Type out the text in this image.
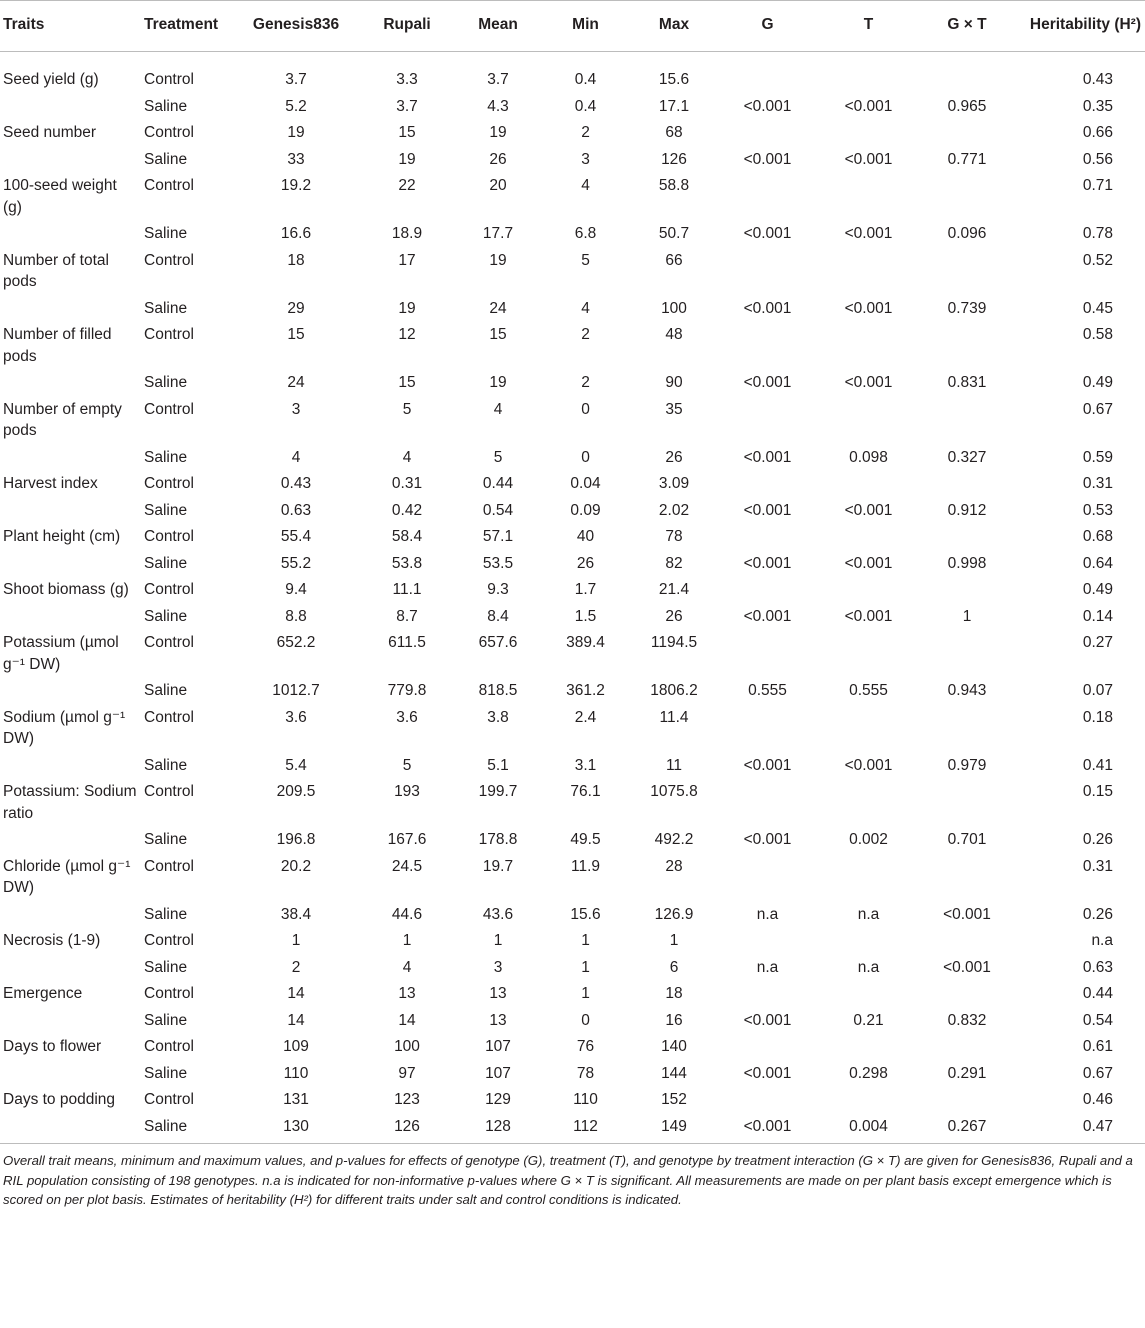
Traits	Treatment	Genesis836	Rupali	Mean	Min	Max	G	T	G × T	Heritability (H²)
Seed yield (g)	Control	3.7	3.3	3.7	0.4	15.6				0.43
	Saline	5.2	3.7	4.3	0.4	17.1	<0.001	<0.001	0.965	0.35
Seed number	Control	19	15	19	2	68				0.66
	Saline	33	19	26	3	126	<0.001	<0.001	0.771	0.56
100-seed weight (g)	Control	19.2	22	20	4	58.8				0.71
	Saline	16.6	18.9	17.7	6.8	50.7	<0.001	<0.001	0.096	0.78
Number of total pods	Control	18	17	19	5	66				0.52
	Saline	29	19	24	4	100	<0.001	<0.001	0.739	0.45
Number of filled pods	Control	15	12	15	2	48				0.58
	Saline	24	15	19	2	90	<0.001	<0.001	0.831	0.49
Number of empty pods	Control	3	5	4	0	35				0.67
	Saline	4	4	5	0	26	<0.001	0.098	0.327	0.59
Harvest index	Control	0.43	0.31	0.44	0.04	3.09				0.31
	Saline	0.63	0.42	0.54	0.09	2.02	<0.001	<0.001	0.912	0.53
Plant height (cm)	Control	55.4	58.4	57.1	40	78				0.68
	Saline	55.2	53.8	53.5	26	82	<0.001	<0.001	0.998	0.64
Shoot biomass (g)	Control	9.4	11.1	9.3	1.7	21.4				0.49
	Saline	8.8	8.7	8.4	1.5	26	<0.001	<0.001	1	0.14
Potassium (µmol g⁻¹ DW)	Control	652.2	611.5	657.6	389.4	1194.5				0.27
	Saline	1012.7	779.8	818.5	361.2	1806.2	0.555	0.555	0.943	0.07
Sodium (µmol g⁻¹ DW)	Control	3.6	3.6	3.8	2.4	11.4				0.18
	Saline	5.4	5	5.1	3.1	11	<0.001	<0.001	0.979	0.41
Potassium: Sodium ratio	Control	209.5	193	199.7	76.1	1075.8				0.15
	Saline	196.8	167.6	178.8	49.5	492.2	<0.001	0.002	0.701	0.26
Chloride (µmol g⁻¹ DW)	Control	20.2	24.5	19.7	11.9	28				0.31
	Saline	38.4	44.6	43.6	15.6	126.9	n.a	n.a	<0.001	0.26
Necrosis (1-9)	Control	1	1	1	1	1				n.a
	Saline	2	4	3	1	6	n.a	n.a	<0.001	0.63
Emergence	Control	14	13	13	1	18				0.44
	Saline	14	14	13	0	16	<0.001	0.21	0.832	0.54
Days to flower	Control	109	100	107	76	140				0.61
	Saline	110	97	107	78	144	<0.001	0.298	0.291	0.67
Days to podding	Control	131	123	129	110	152				0.46
	Saline	130	126	128	112	149	<0.001	0.004	0.267	0.47

Overall trait means, minimum and maximum values, and p-values for effects of genotype (G), treatment (T), and genotype by treatment interaction (G × T) are given for Genesis836, Rupali and a RIL population consisting of 198 genotypes. n.a is indicated for non-informative p-values where G × T is significant. All measurements are made on per plant basis except emergence which is scored on per plot basis. Estimates of heritability (H²) for different traits under salt and control conditions is indicated.
